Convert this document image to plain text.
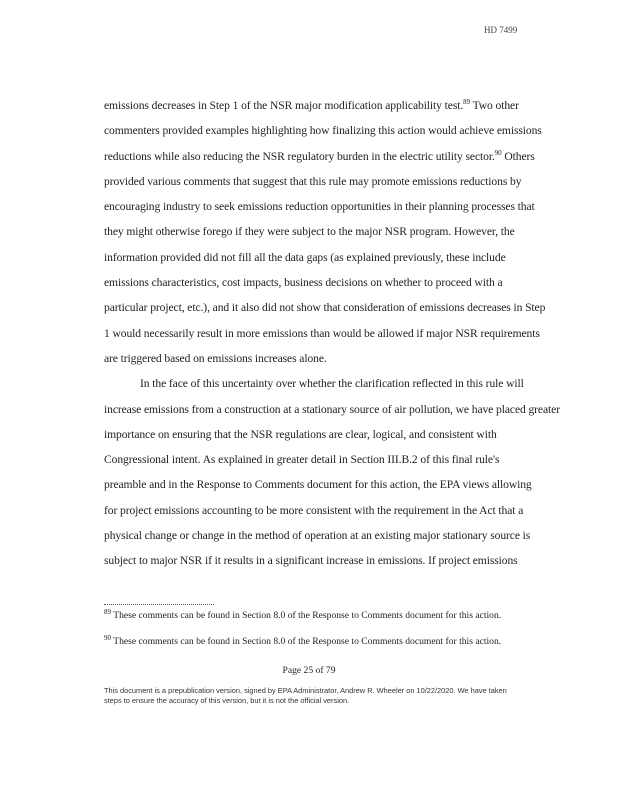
HD 7499
emissions decreases in Step 1 of the NSR major modification applicability test.$^{89}$ Two other
commenters provided examples highlighting how finalizing this action would achieve emissions
reductions while also reducing the NSR regulatory burden in the electric utility sector.$^{90}$ Others
provided various comments that suggest that this rule may promote emissions reductions by
encouraging industry to seek emissions reduction opportunities in their planning processes that
they might otherwise forego if they were subject to the major NSR program. However, the
information provided did not fill all the data gaps (as explained previously, these include
emissions characteristics, cost impacts, business decisions on whether to proceed with a
particular project, etc.), and it also did not show that consideration of emissions decreases in Step
1 would necessarily result in more emissions than would be allowed if major NSR requirements
are triggered based on emissions increases alone.
In the face of this uncertainty over whether the clarification reflected in this rule will
increase emissions from a construction at a stationary source of air pollution, we have placed greater
importance on ensuring that the NSR regulations are clear, logical, and consistent with
Congressional intent. As explained in greater detail in Section III.B.2 of this final rule's
preamble and in the Response to Comments document for this action, the EPA views allowing
for project emissions accounting to be more consistent with the requirement in the Act that a
physical change or change in the method of operation at an existing major stationary source is
subject to major NSR if it results in a significant increase in emissions. If project emissions
$^{89}$ These comments can be found in Section 8.0 of the Response to Comments document for this action.
$^{90}$ These comments can be found in Section 8.0 of the Response to Comments document for this action.
Page 25 of 79
This document is a prepublication version, signed by EPA Administrator, Andrew R. Wheeler on 10/22/2020. We have taken steps to ensure the accuracy of this version, but it is not the official version.
